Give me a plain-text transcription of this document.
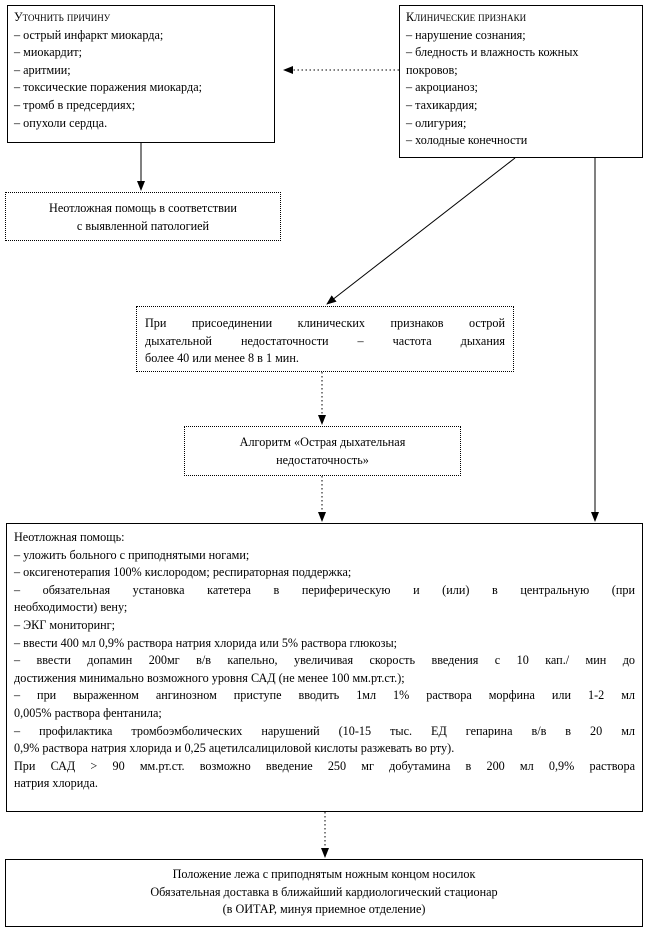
Уточнить причину
– острый инфаркт миокарда;
– миокардит;
– аритмии;
– токсические поражения миокарда;
– тромб в предсердиях;
– опухоли сердца.
Клинические признаки
– нарушение сознания;
– бледность и влажность кожных
покровов;
– акроцианоз;
– тахикардия;
– олигурия;
– холодные конечности
Неотложная помощь в соответствии
с выявленной патологией
При присоединении клинических признаков острой
дыхательной недостаточности – частота дыхания
более 40 или менее 8 в 1 мин.
Алгоритм «Острая дыхательная
недостаточность»
Неотложная помощь:
– уложить больного с приподнятыми ногами;
– оксигенотерапия 100% кислородом; респираторная поддержка;
– обязательная установка катетера в периферическую и (или) в центральную (при
необходимости) вену;
– ЭКГ мониторинг;
– ввести 400 мл 0,9% раствора натрия хлорида или 5% раствора глюкозы;
– ввести допамин 200мг в/в капельно, увеличивая скорость введения с 10 кап./ мин до
достижения минимально возможного уровня САД (не менее 100 мм.рт.ст.);
– при выраженном ангинозном приступе вводить 1мл 1% раствора морфина или 1-2 мл
0,005% раствора фентанила;
– профилактика тромбоэмболических нарушений (10-15 тыс. ЕД гепарина в/в в 20 мл
0,9% раствора натрия хлорида и 0,25 ацетилсалициловой кислоты разжевать во рту).
При САД > 90 мм.рт.ст. возможно введение 250 мг добутамина в 200 мл 0,9% раствора
натрия хлорида.
Положение лежа с приподнятым ножным концом носилок
Обязательная доставка в ближайший кардиологический стационар
(в ОИТАР, минуя приемное отделение)
